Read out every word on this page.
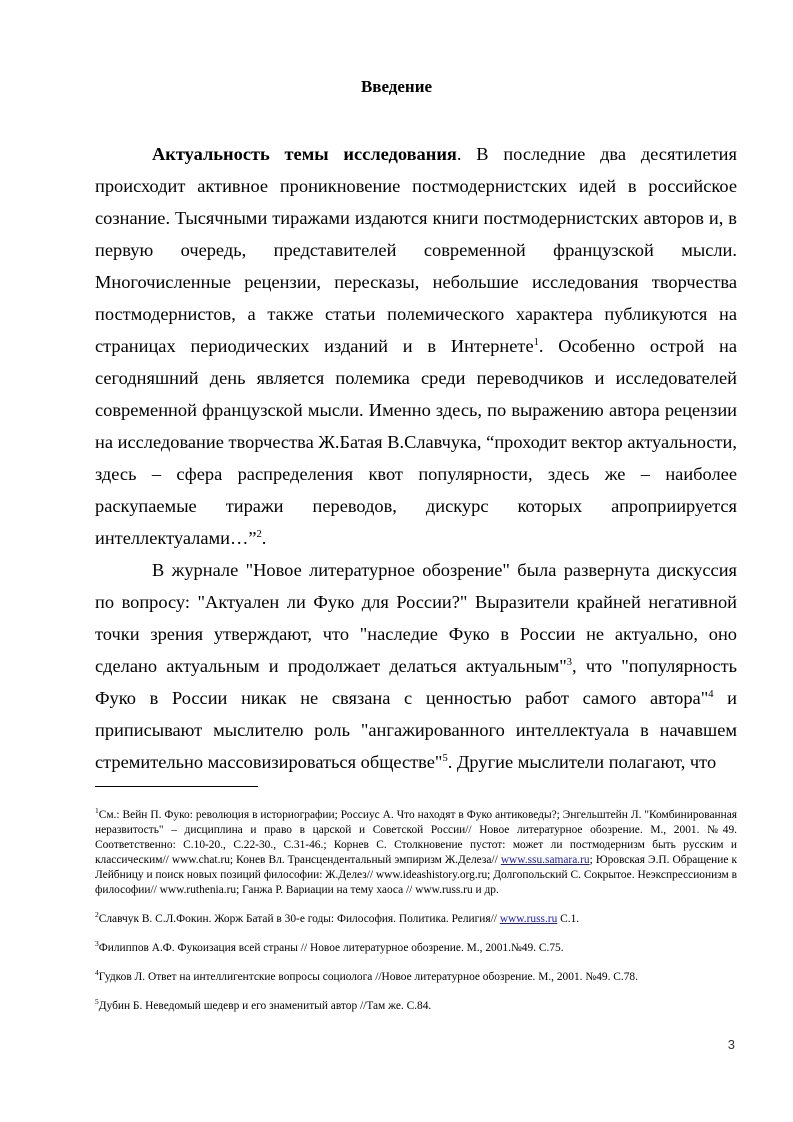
Введение

Актуальность темы исследования. В последние два десятилетия происходит активное проникновение постмодернистских идей в российское сознание. Тысячными тиражами издаются книги постмодернистских авторов и, в первую очередь, представителей современной французской мысли. Многочисленные рецензии, пересказы, небольшие исследования творчества постмодернистов, а также статьи полемического характера публикуются на страницах периодических изданий и в Интернете$^1$. Особенно острой на сегодняшний день является полемика среди переводчиков и исследователей современной французской мысли. Именно здесь, по выражению автора рецензии на исследование творчества Ж.Батая В.Славчука, “проходит вектор актуальности, здесь – сфера распределения квот популярности, здесь же – наиболее раскупаемые тиражи переводов, дискурс которых апроприируется интеллектуалами…”$^2$.

В журнале "Новое литературное обозрение" была развернута дискуссия по вопросу: "Актуален ли Фуко для России?" Выразители крайней негативной точки зрения утверждают, что "наследие Фуко в России не актуально, оно сделано актуальным и продолжает делаться актуальным"$^3$, что "популярность Фуко в России никак не связана с ценностью работ самого автора"$^4$ и приписывают мыслителю роль "ангажированного интеллектуала в начавшем стремительно массовизироваться обществе"$^5$. Другие мыслители полагают, что

$^1$См.: Вейн П. Фуко: революция в историографии; Россиус А. Что находят в Фуко антиковеды?; Энгельштейн Л. "Комбинированная неразвитость" – дисциплина и право в царской и Советской России// Новое литературное обозрение. М., 2001. №49. Соответственно: С.10-20., С.22-30., С.31-46.; Корнев С. Столкновение пустот: может ли постмодернизм быть русским и классическим// www.chat.ru; Конев Вл. Трансцендентальный эмпиризм Ж.Делеза// www.ssu.samara.ru; Юровская Э.П. Обращение к Лейбницу и поиск новых позиций философии: Ж.Делез// www.ideashistory.org.ru; Долгопольский С. Сокрытое. Неэкспрессионизм в философии// www.ruthenia.ru; Ганжа Р. Вариации на тему хаоса // www.russ.ru и др.

$^2$Славчук В. С.Л.Фокин. Жорж Батай в 30-е годы: Философия. Политика. Религия// www.russ.ru С.1.

$^3$Филиппов А.Ф. Фукоизация всей страны // Новое литературное обозрение. М., 2001.№49. С.75.

$^4$Гудков Л. Ответ на интеллигентские вопросы социолога //Новое литературное обозрение. М., 2001. №49. С.78.

$^5$Дубин Б. Неведомый шедевр и его знаменитый автор //Там же. С.84.

3
